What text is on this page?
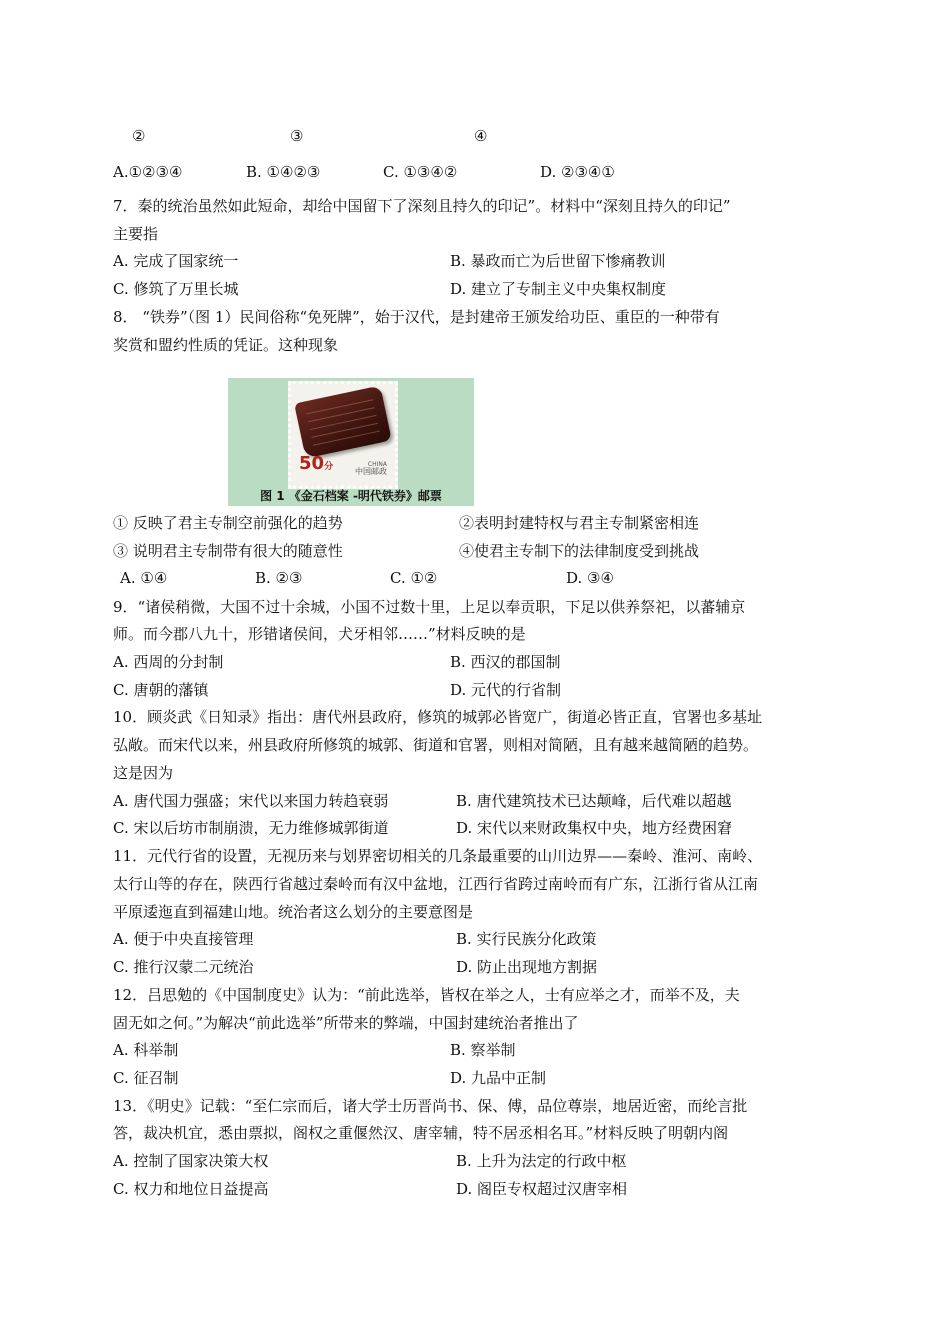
②	③	④
A.①②③④	B. ①④②③	C. ①③④②	D. ②③④①
7．秦的统治虽然如此短命，却给中国留下了深刻且持久的印记”。材料中“深刻且持久的印记”
主要指
A. 完成了国家统一	B. 暴政而亡为后世留下惨痛教训
C. 修筑了万里长城	D. 建立了专制主义中央集权制度
8． “铁券”（图 1）民间俗称“免死牌”，始于汉代，是封建帝王颁发给功臣、重臣的一种带有
奖赏和盟约性质的凭证。这种现象
50分	CHINA
中国邮政
图 1 《金石档案 -明代铁券》邮票
① 反映了君主专制空前强化的趋势	②表明封建特权与君主专制紧密相连
③ 说明君主专制带有很大的随意性	④使君主专制下的法律制度受到挑战
A. ①④	B. ②③	C. ①②	D. ③④
9．“诸侯稍微，大国不过十余城，小国不过数十里，上足以奉贡职，下足以供养祭祀，以蕃辅京
师。而今郡八九十，形错诸侯间，犬牙相邻……”材料反映的是
A. 西周的分封制	B. 西汉的郡国制
C. 唐朝的藩镇	D. 元代的行省制
10．顾炎武《日知录》指出：唐代州县政府，修筑的城郭必皆宽广，街道必皆正直，官署也多基址
弘敞。而宋代以来，州县政府所修筑的城郭、街道和官署，则相对简陋，且有越来越简陋的趋势。
这是因为
A. 唐代国力强盛；宋代以来国力转趋衰弱	B. 唐代建筑技术已达颠峰，后代难以超越
C. 宋以后坊市制崩溃，无力维修城郭街道	D. 宋代以来财政集权中央，地方经费困窘
11．元代行省的设置，无视历来与划界密切相关的几条最重要的山川边界——秦岭、淮河、南岭、
太行山等的存在，陕西行省越过秦岭而有汉中盆地，江西行省跨过南岭而有广东，江浙行省从江南
平原逶迤直到福建山地。统治者这么划分的主要意图是
A. 便于中央直接管理	B. 实行民族分化政策
C. 推行汉蒙二元统治	D. 防止出现地方割据
12．吕思勉的《中国制度史》认为：“前此选举，皆权在举之人，士有应举之才，而举不及，夫
固无如之何。”为解决“前此选举”所带来的弊端，中国封建统治者推出了
A. 科举制	B. 察举制
C. 征召制	D. 九品中正制
13．《明史》记载：“至仁宗而后，诸大学士历晋尚书、保、傅，品位尊崇，地居近密，而纶言批
答，裁决机宜，悉由票拟，阁权之重偃然汉、唐宰辅，特不居丞相名耳。”材料反映了明朝内阁
A. 控制了国家决策大权	B. 上升为法定的行政中枢
C. 权力和地位日益提高	D. 阁臣专权超过汉唐宰相
